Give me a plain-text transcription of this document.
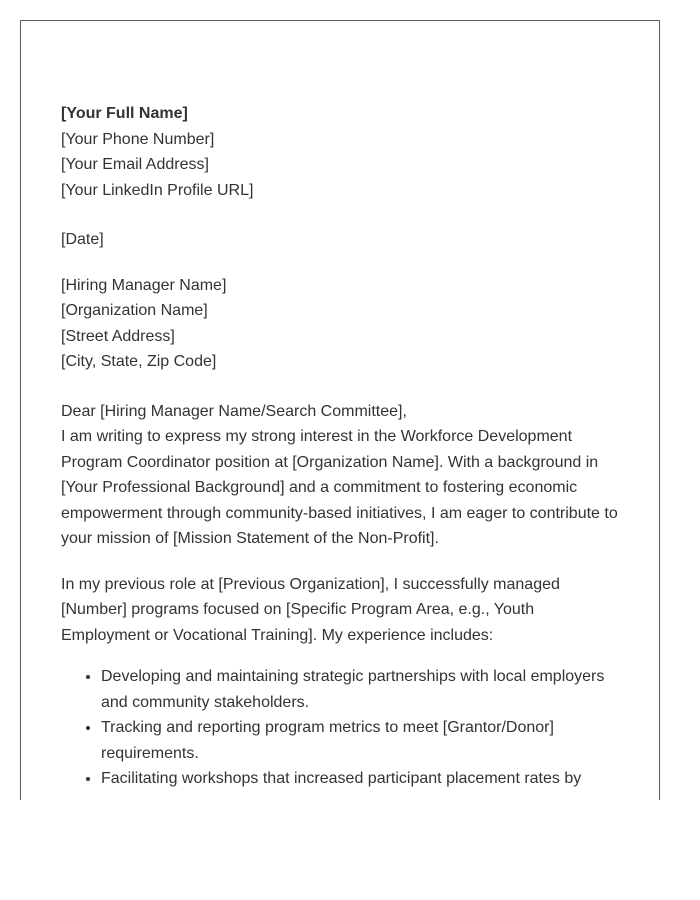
[Your Full Name]
[Your Phone Number]
[Your Email Address]
[Your LinkedIn Profile URL]
[Date]
[Hiring Manager Name]
[Organization Name]
[Street Address]
[City, State, Zip Code]
Dear [Hiring Manager Name/Search Committee],

I am writing to express my strong interest in the Workforce Development Program Coordinator position at [Organization Name]. With a background in [Your Professional Background] and a commitment to fostering economic empowerment through community-based initiatives, I am eager to contribute to your mission of [Mission Statement of the Non-Profit].

In my previous role at [Previous Organization], I successfully managed [Number] programs focused on [Specific Program Area, e.g., Youth Employment or Vocational Training]. My experience includes:

• Developing and maintaining strategic partnerships with local employers and community stakeholders.
• Tracking and reporting program metrics to meet [Grantor/Donor] requirements.
• Facilitating workshops that increased participant placement rates by
